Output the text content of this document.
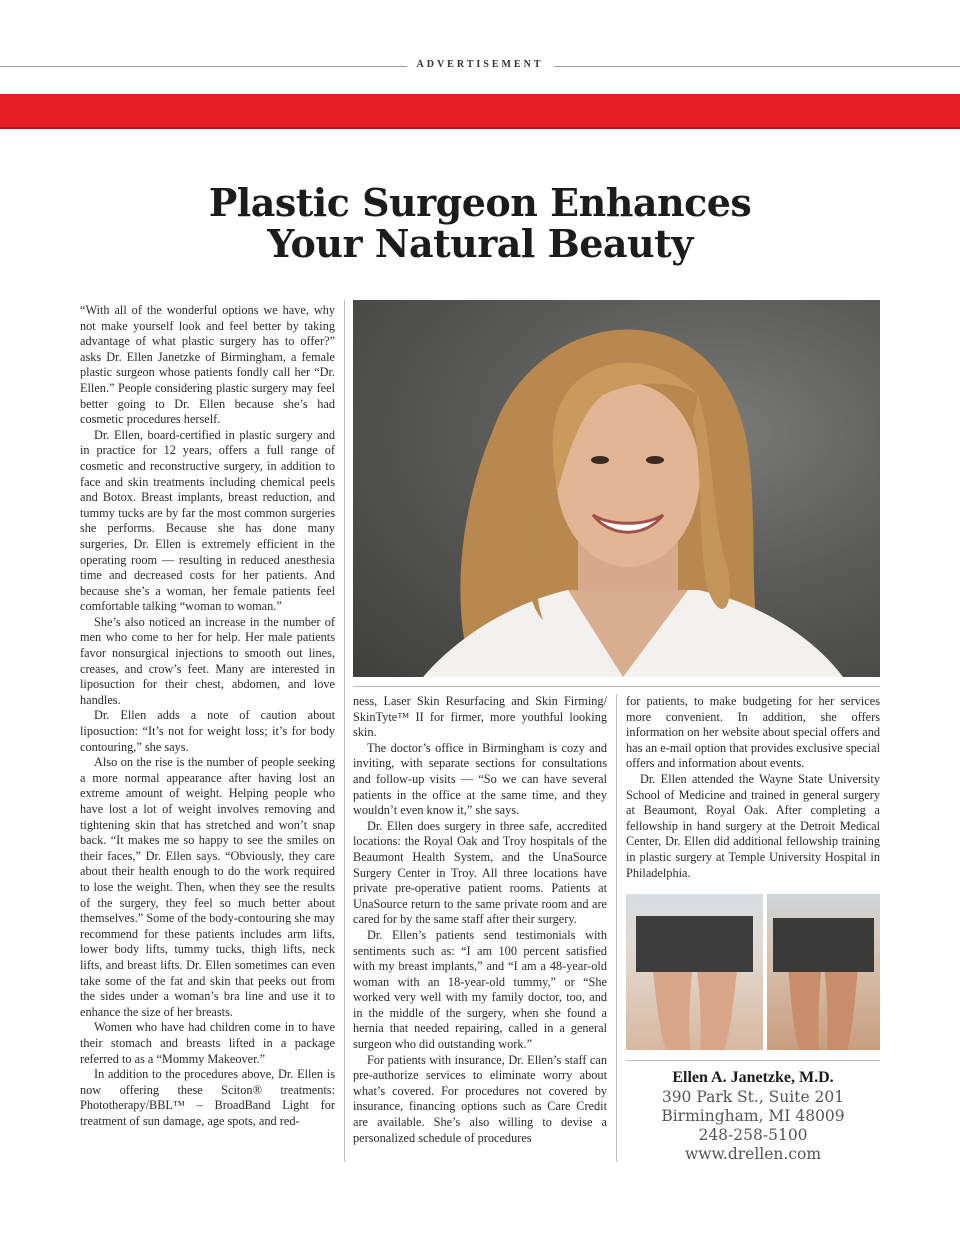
ADVERTISEMENT
HEALTH PROFESSIONALS
Plastic Surgeon Enhances
Your Natural Beauty

“With all of the wonderful options we have, why not make yourself look and feel better by taking advantage of what plastic surgery has to offer?” asks Dr. Ellen Janetzke of Birmingham, a female plastic surgeon whose patients fondly call her “Dr. Ellen.” People considering plastic surgery may feel better going to Dr. Ellen because she’s had cosmetic procedures herself.

Dr. Ellen, board-certified in plastic surgery and in practice for 12 years, offers a full range of cosmetic and reconstructive surgery, in addition to face and skin treatments including chemical peels and Botox. Breast implants, breast reduction, and tummy tucks are by far the most common surgeries she performs. Because she has done many surgeries, Dr. Ellen is extremely efficient in the operating room — resulting in reduced anesthesia time and decreased costs for her patients. And because she’s a woman, her female patients feel comfortable talking “woman to woman.”

She’s also noticed an increase in the number of men who come to her for help. Her male patients favor nonsurgical injections to smooth out lines, creases, and crow’s feet. Many are interested in liposuction for their chest, abdomen, and love handles.

Dr. Ellen adds a note of caution about liposuction: “It’s not for weight loss; it’s for body contouring,” she says.

Also on the rise is the number of people seeking a more normal appearance after having lost an extreme amount of weight. Helping people who have lost a lot of weight involves removing and tightening skin that has stretched and won’t snap back. “It makes me so happy to see the smiles on their faces,” Dr. Ellen says. “Obviously, they care about their health enough to do the work required to lose the weight. Then, when they see the results of the surgery, they feel so much better about themselves.” Some of the body-contouring she may recommend for these patients includes arm lifts, lower body lifts, tummy tucks, thigh lifts, neck lifts, and breast lifts. Dr. Ellen sometimes can even take some of the fat and skin that peeks out from the sides under a woman’s bra line and use it to enhance the size of her breasts.

Women who have had children come in to have their stomach and breasts lifted in a package referred to as a “Mommy Makeover.”

In addition to the procedures above, Dr. Ellen is now offering these Sciton® treatments: Phototherapy/BBL™ – BroadBand Light for treatment of sun damage, age spots, and red-

ness, Laser Skin Resurfacing and Skin Firming/ SkinTyte™ II for firmer, more youthful looking skin.

The doctor’s office in Birmingham is cozy and inviting, with separate sections for consultations and follow-up visits — “So we can have several patients in the office at the same time, and they wouldn’t even know it,” she says.

Dr. Ellen does surgery in three safe, accredited locations: the Royal Oak and Troy hospitals of the Beaumont Health System, and the UnaSource Surgery Center in Troy. All three locations have private pre-operative patient rooms. Patients at UnaSource return to the same private room and are cared for by the same staff after their surgery.

Dr. Ellen’s patients send testimonials with sentiments such as: “I am 100 percent satisfied with my breast implants,” and “I am a 48-year-old woman with an 18-year-old tummy,” or “She worked very well with my family doctor, too, and in the middle of the surgery, when she found a hernia that needed repairing, called in a general surgeon who did outstanding work.”

For patients with insurance, Dr. Ellen’s staff can pre-authorize services to eliminate worry about what’s covered. For procedures not covered by insurance, financing options such as Care Credit are available. She’s also willing to devise a personalized schedule of procedures

for patients, to make budgeting for her services more convenient. In addition, she offers information on her website about special offers and has an e-mail option that provides exclusive special offers and information about events.

Dr. Ellen attended the Wayne State University School of Medicine and trained in general surgery at Beaumont, Royal Oak. After completing a fellowship in hand surgery at the Detroit Medical Center, Dr. Ellen did additional fellowship training in plastic surgery at Temple University Hospital in Philadelphia.

Ellen A. Janetzke, M.D.
390 Park St., Suite 201
Birmingham, MI 48009
248-258-5100
www.drellen.com
